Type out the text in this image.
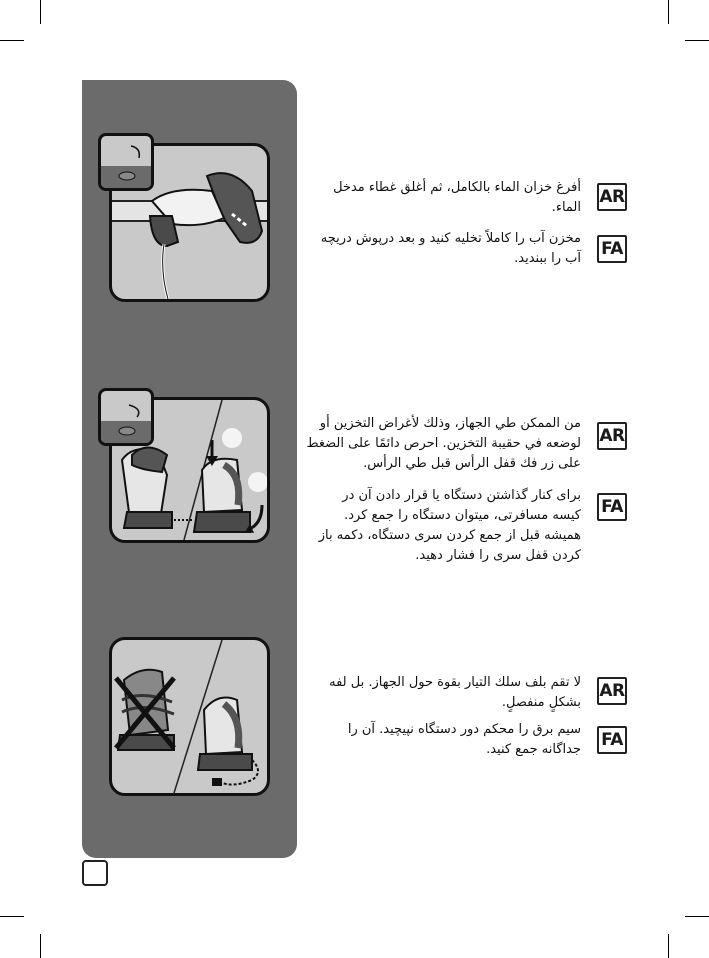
AR
أفرغ خزان الماء بالكامل، ثم أغلق غطاء مدخل الماء.
FA
مخزن آب را کاملاً تخلیه کنید و بعد درپوش دریچه آب را ببندید.
AR
من الممكن طي الجهاز، وذلك لأغراض التخزين أو لوضعه في حقيبة التخزين. احرص دائمًا على الضغط على زر فك قفل الرأس قبل طي الرأس.
FA
برای کنار گذاشتن دستگاه یا قرار دادن آن در کیسه مسافرتی، میتوان دستگاه را جمع کرد. همیشه قبل از جمع کردن سری دستگاه، دکمه باز کردن قفل سری را فشار دهید.
AR
لا تقم بلف سلك التيار بقوة حول الجهاز. بل لفه بشكلٍ منفصلٍ.
FA
سیم برق را محکم دور دستگاه نپیچید. آن را جداگانه جمع کنید.
